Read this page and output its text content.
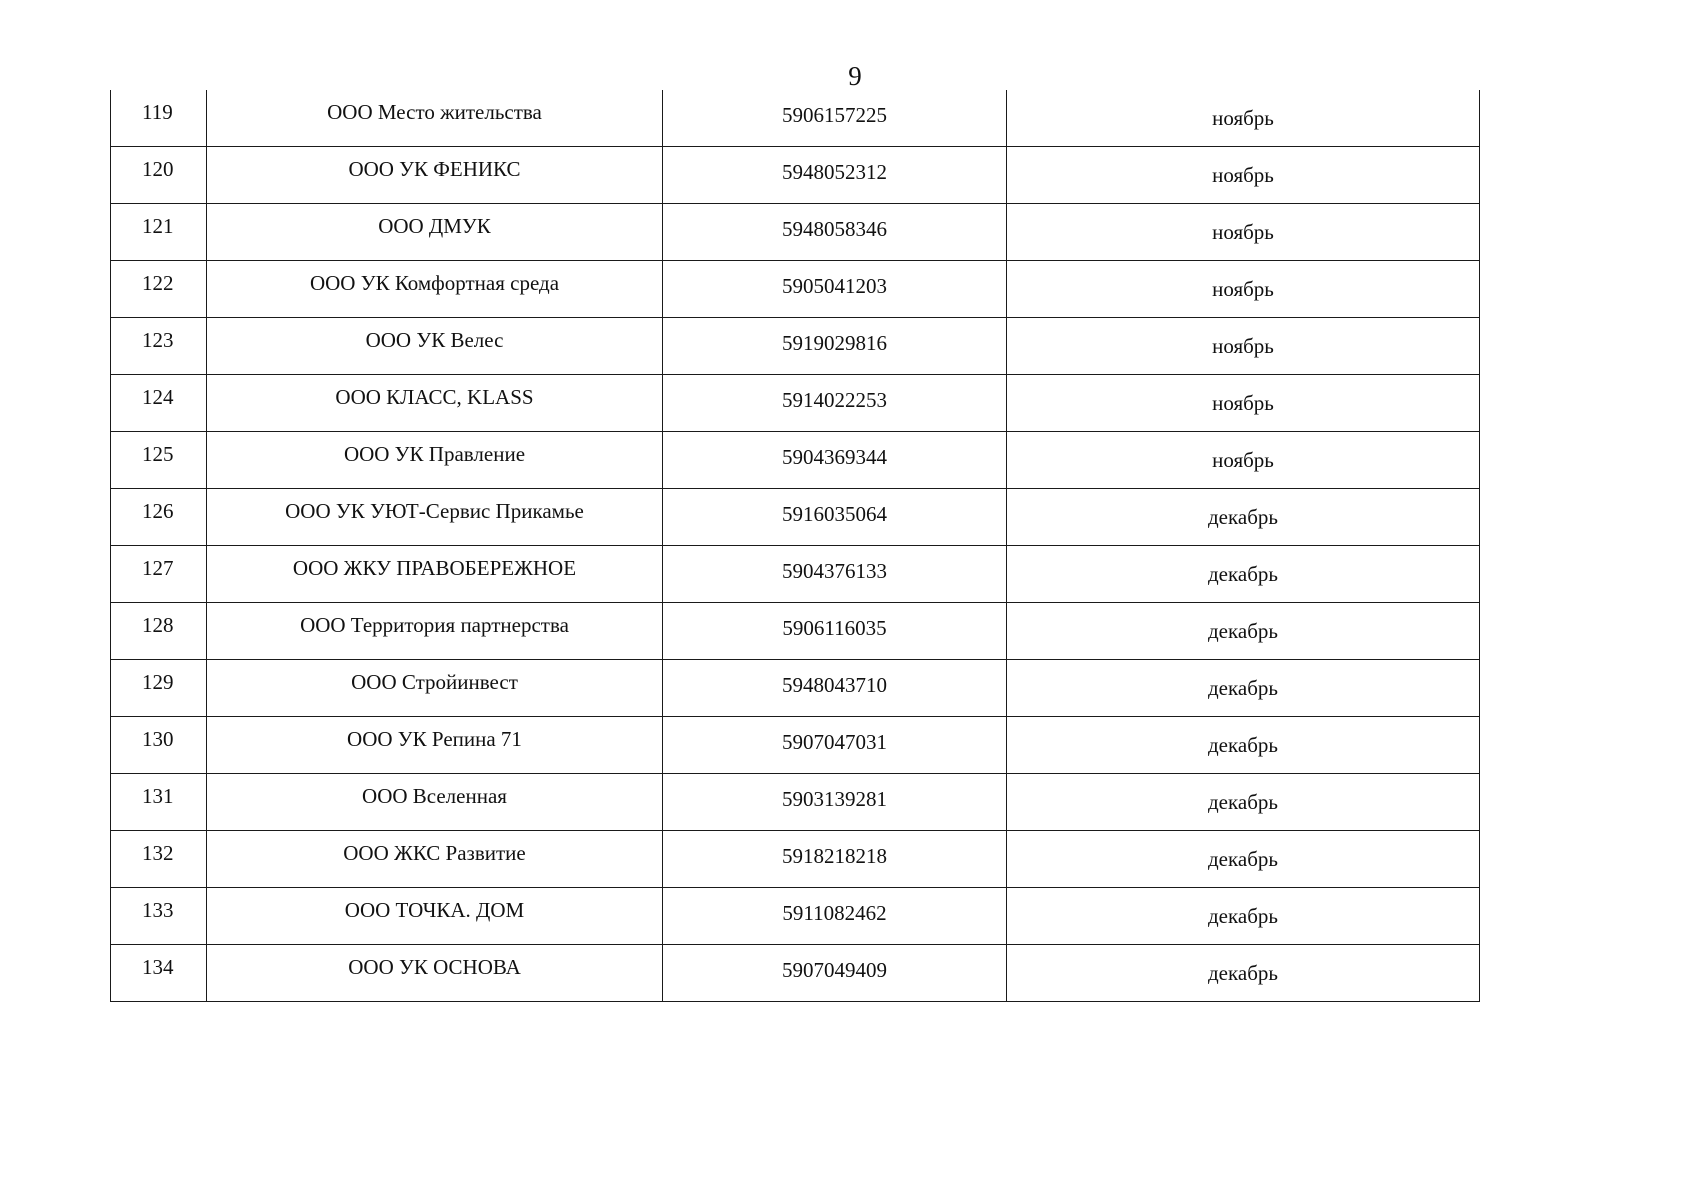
9
119	ООО Место жительства	5906157225	ноябрь
120	ООО УК ФЕНИКС	5948052312	ноябрь
121	ООО ДМУК	5948058346	ноябрь
122	ООО УК Комфортная среда	5905041203	ноябрь
123	ООО УК Велес	5919029816	ноябрь
124	ООО КЛАСС, KLASS	5914022253	ноябрь
125	ООО УК Правление	5904369344	ноябрь
126	ООО УК УЮТ-Сервис Прикамье	5916035064	декабрь
127	ООО ЖКУ ПРАВОБЕРЕЖНОЕ	5904376133	декабрь
128	ООО Территория партнерства	5906116035	декабрь
129	ООО Стройинвест	5948043710	декабрь
130	ООО УК Репина 71	5907047031	декабрь
131	ООО Вселенная	5903139281	декабрь
132	ООО ЖКС Развитие	5918218218	декабрь
133	ООО ТОЧКА. ДОМ	5911082462	декабрь
134	ООО УК ОСНОВА	5907049409	декабрь
